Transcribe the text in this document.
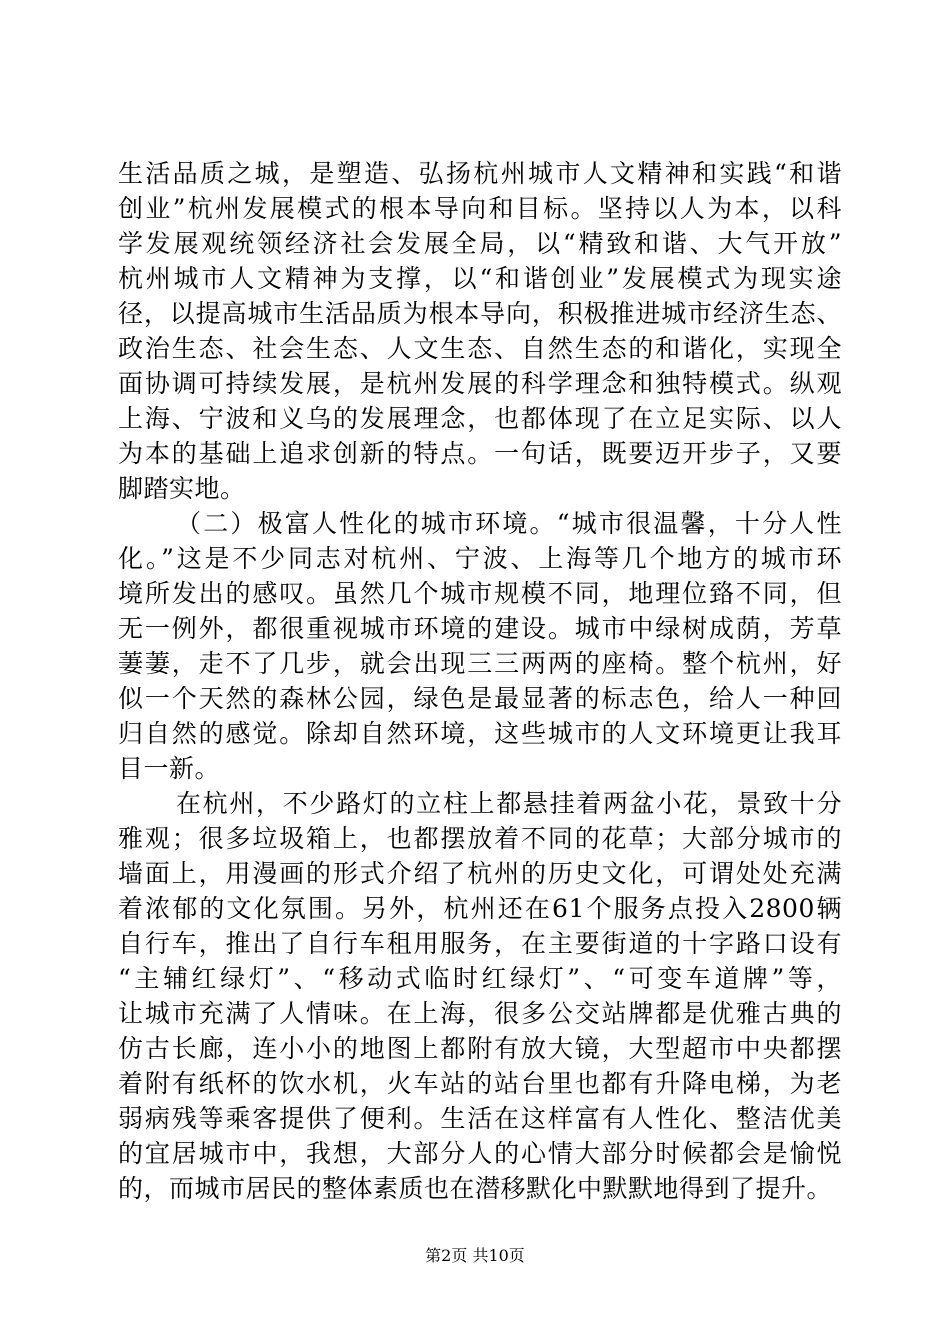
生活品质之城，是塑造、弘扬杭州城市人文精神和实践“和谐
创业”杭州发展模式的根本导向和目标。坚持以人为本，以科
学发展观统领经济社会发展全局，以“精致和谐、大气开放”
杭州城市人文精神为支撑，以“和谐创业”发展模式为现实途
径，以提高城市生活品质为根本导向，积极推进城市经济生态、
政治生态、社会生态、人文生态、自然生态的和谐化，实现全
面协调可持续发展，是杭州发展的科学理念和独特模式。纵观
上海、宁波和义乌的发展理念，也都体现了在立足实际、以人
为本的基础上追求创新的特点。一句话，既要迈开步子，又要
脚踏实地。
（二）极富人性化的城市环境。“城市很温馨，十分人性
化。”这是不少同志对杭州、宁波、上海等几个地方的城市环
境所发出的感叹。虽然几个城市规模不同，地理位臵不同，但
无一例外，都很重视城市环境的建设。城市中绿树成荫，芳草
萋萋，走不了几步，就会出现三三两两的座椅。整个杭州，好
似一个天然的森林公园，绿色是最显著的标志色，给人一种回
归自然的感觉。除却自然环境，这些城市的人文环境更让我耳
目一新。
在杭州，不少路灯的立柱上都悬挂着两盆小花，景致十分
雅观；很多垃圾箱上，也都摆放着不同的花草；大部分城市的
墙面上，用漫画的形式介绍了杭州的历史文化，可谓处处充满
着浓郁的文化氛围。另外，杭州还在61个服务点投入2800辆
自行车，推出了自行车租用服务，在主要街道的十字路口设有
“主辅红绿灯”、“移动式临时红绿灯”、“可变车道牌”等，
让城市充满了人情味。在上海，很多公交站牌都是优雅古典的
仿古长廊，连小小的地图上都附有放大镜，大型超市中央都摆
着附有纸杯的饮水机，火车站的站台里也都有升降电梯，为老
弱病残等乘客提供了便利。生活在这样富有人性化、整洁优美
的宜居城市中，我想，大部分人的心情大部分时候都会是愉悦
的，而城市居民的整体素质也在潜移默化中默默地得到了提升。
第2页 共10页
